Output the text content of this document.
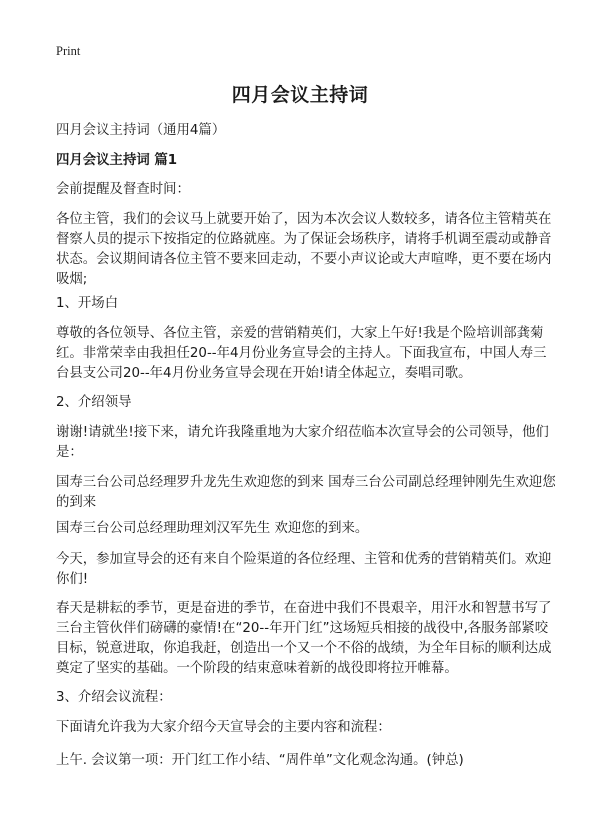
Print
四月会议主持词

四月会议主持词（通用4篇）

四月会议主持词 篇1

会前提醒及督查时间：

各位主管，我们的会议马上就要开始了，因为本次会议人数较多，请各位主管精英在督察人员的提示下按指定的位路就座。为了保证会场秩序，请将手机调至震动或静音状态。会议期间请各位主管不要来回走动，不要小声议论或大声喧哗，更不要在场内吸烟;

1、开场白

尊敬的各位领导、各位主管，亲爱的营销精英们，大家上午好!我是个险培训部龚菊红。非常荣幸由我担任20--年4月份业务宣导会的主持人。下面我宣布，中国人寿三台县支公司20--年4月份业务宣导会现在开始!请全体起立，奏唱司歌。

2、介绍领导

谢谢!请就坐!接下来，请允许我隆重地为大家介绍莅临本次宣导会的公司领导，他们是：

国寿三台公司总经理罗升龙先生欢迎您的到来 国寿三台公司副总经理钟刚先生欢迎您的到来

国寿三台公司总经理助理刘汉军先生 欢迎您的到来。

今天，参加宣导会的还有来自个险渠道的各位经理、主管和优秀的营销精英们。欢迎你们!

春天是耕耘的季节，更是奋进的季节，在奋进中我们不畏艰辛，用汗水和智慧书写了三台主管伙伴们磅礴的豪情!在“20--年开门红”这场短兵相接的战役中,各服务部紧咬目标，锐意进取，你追我赶，创造出一个又一个不俗的战绩，为全年目标的顺利达成奠定了坚实的基础。一个阶段的结束意味着新的战役即将拉开帷幕。

3、介绍会议流程：

下面请允许我为大家介绍今天宣导会的主要内容和流程：

上午. 会议第一项：开门红工作小结、“周件单”文化观念沟通。(钟总)
